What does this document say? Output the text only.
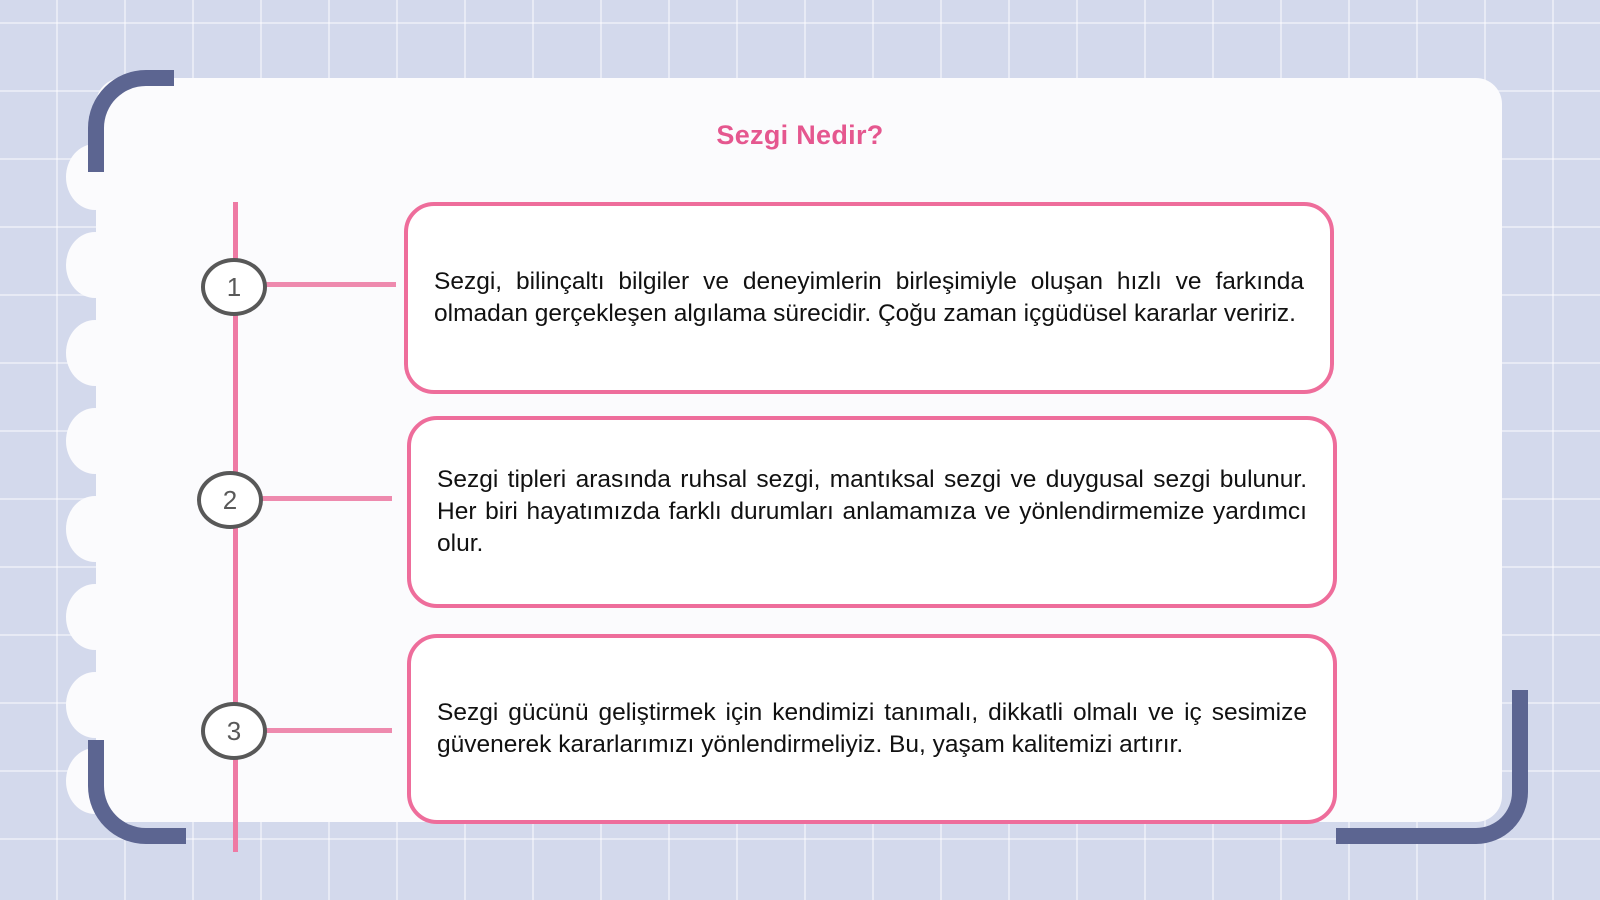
Sezgi Nedir?
1	Sezgi, bilinçaltı bilgiler ve deneyimlerin birleşimiyle oluşan hızlı ve farkında olmadan gerçekleşen algılama sürecidir. Çoğu zaman içgüdüsel kararlar veririz.

2

Sezgi tipleri arasında ruhsal sezgi, mantıksal sezgi ve duygusal sezgi bulunur. Her biri hayatımızda farklı durumları anlamamıza ve yönlendirmemize yardımcı olur.

3

Sezgi gücünü geliştirmek için kendimizi tanımalı, dikkatli olmalı ve iç sesimize güvenerek kararlarımızı yönlendirmeliyiz. Bu, yaşam kalitemizi artırır.
